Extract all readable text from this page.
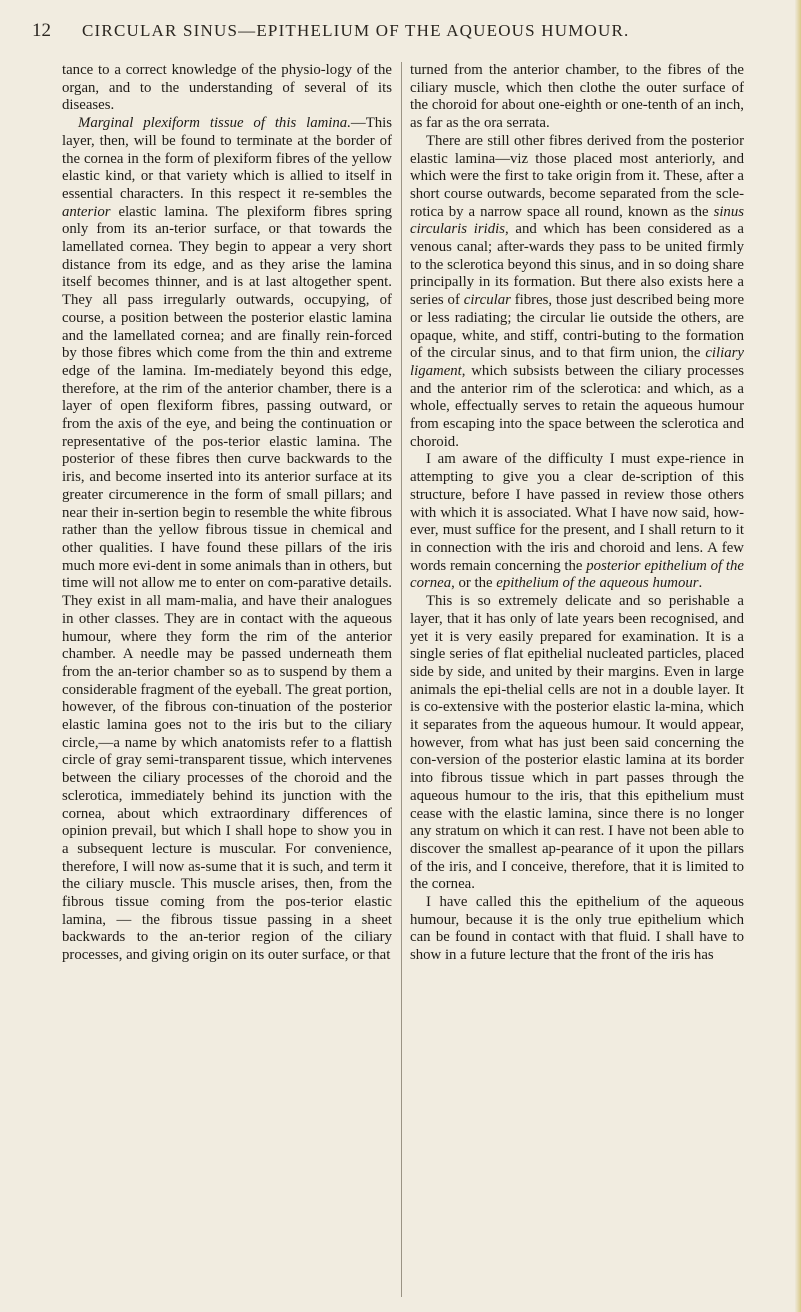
12 CIRCULAR SINUS—EPITHELIUM OF THE AQUEOUS HUMOUR.

tance to a correct knowledge of the physio-logy of the organ, and to the understanding of several of its diseases.

Marginal plexiform tissue of this lamina.—This layer, then, will be found to terminate at the border of the cornea in the form of plexiform fibres of the yellow elastic kind, or that variety which is allied to itself in essential characters. In this respect it re-sembles the anterior elastic lamina. The plexiform fibres spring only from its an-terior surface, or that towards the lamellated cornea. They begin to appear a very short distance from its edge, and as they arise the lamina itself becomes thinner, and is at last altogether spent. They all pass irregularly outwards, occupying, of course, a position between the posterior elastic lamina and the lamellated cornea; and are finally rein-forced by those fibres which come from the thin and extreme edge of the lamina. Im-mediately beyond this edge, therefore, at the rim of the anterior chamber, there is a layer of open flexiform fibres, passing outward, or from the axis of the eye, and being the continuation or representative of the pos-terior elastic lamina. The posterior of these fibres then curve backwards to the iris, and become inserted into its anterior surface at its greater circumerence in the form of small pillars; and near their in-sertion begin to resemble the white fibrous rather than the yellow fibrous tissue in chemical and other qualities. I have found these pillars of the iris much more evi-dent in some animals than in others, but time will not allow me to enter on com-parative details. They exist in all mam-malia, and have their analogues in other classes. They are in contact with the aqueous humour, where they form the rim of the anterior chamber. A needle may be passed underneath them from the an-terior chamber so as to suspend by them a considerable fragment of the eyeball. The great portion, however, of the fibrous con-tinuation of the posterior elastic lamina goes not to the iris but to the ciliary circle,—a name by which anatomists refer to a flattish circle of gray semi-transparent tissue, which intervenes between the ciliary processes of the choroid and the sclerotica, immediately behind its junction with the cornea, about which extraordinary differences of opinion prevail, but which I shall hope to show you in a subsequent lecture is muscular. For convenience, therefore, I will now as-sume that it is such, and term it the ciliary muscle. This muscle arises, then, from the fibrous tissue coming from the pos-terior elastic lamina, — the fibrous tissue passing in a sheet backwards to the an-terior region of the ciliary processes, and giving origin on its outer surface, or that

turned from the anterior chamber, to the fibres of the ciliary muscle, which then clothe the outer surface of the choroid for about one-eighth or one-tenth of an inch, as far as the ora serrata.

There are still other fibres derived from the posterior elastic lamina—viz those placed most anteriorly, and which were the first to take origin from it. These, after a short course outwards, become separated from the scle-rotica by a narrow space all round, known as the sinus circularis iridis, and which has been considered as a venous canal; after-wards they pass to be united firmly to the sclerotica beyond this sinus, and in so doing share principally in its formation. But there also exists here a series of circular fibres, those just described being more or less radiating; the circular lie outside the others, are opaque, white, and stiff, contri-buting to the formation of the circular sinus, and to that firm union, the ciliary ligament, which subsists between the ciliary processes and the anterior rim of the sclerotica: and which, as a whole, effectually serves to retain the aqueous humour from escaping into the space between the sclerotica and choroid.

I am aware of the difficulty I must expe-rience in attempting to give you a clear de-scription of this structure, before I have passed in review those others with which it is associated. What I have now said, how-ever, must suffice for the present, and I shall return to it in connection with the iris and choroid and lens. A few words remain concerning the posterior epithelium of the cornea, or the epithelium of the aqueous humour.

This is so extremely delicate and so perishable a layer, that it has only of late years been recognised, and yet it is very easily prepared for examination. It is a single series of flat epithelial nucleated particles, placed side by side, and united by their margins. Even in large animals the epi-thelial cells are not in a double layer. It is co-extensive with the posterior elastic la-mina, which it separates from the aqueous humour. It would appear, however, from what has just been said concerning the con-version of the posterior elastic lamina at its border into fibrous tissue which in part passes through the aqueous humour to the iris, that this epithelium must cease with the elastic lamina, since there is no longer any stratum on which it can rest. I have not been able to discover the smallest ap-pearance of it upon the pillars of the iris, and I conceive, therefore, that it is limited to the cornea.

I have called this the epithelium of the aqueous humour, because it is the only true epithelium which can be found in contact with that fluid. I shall have to show in a future lecture that the front of the iris has
